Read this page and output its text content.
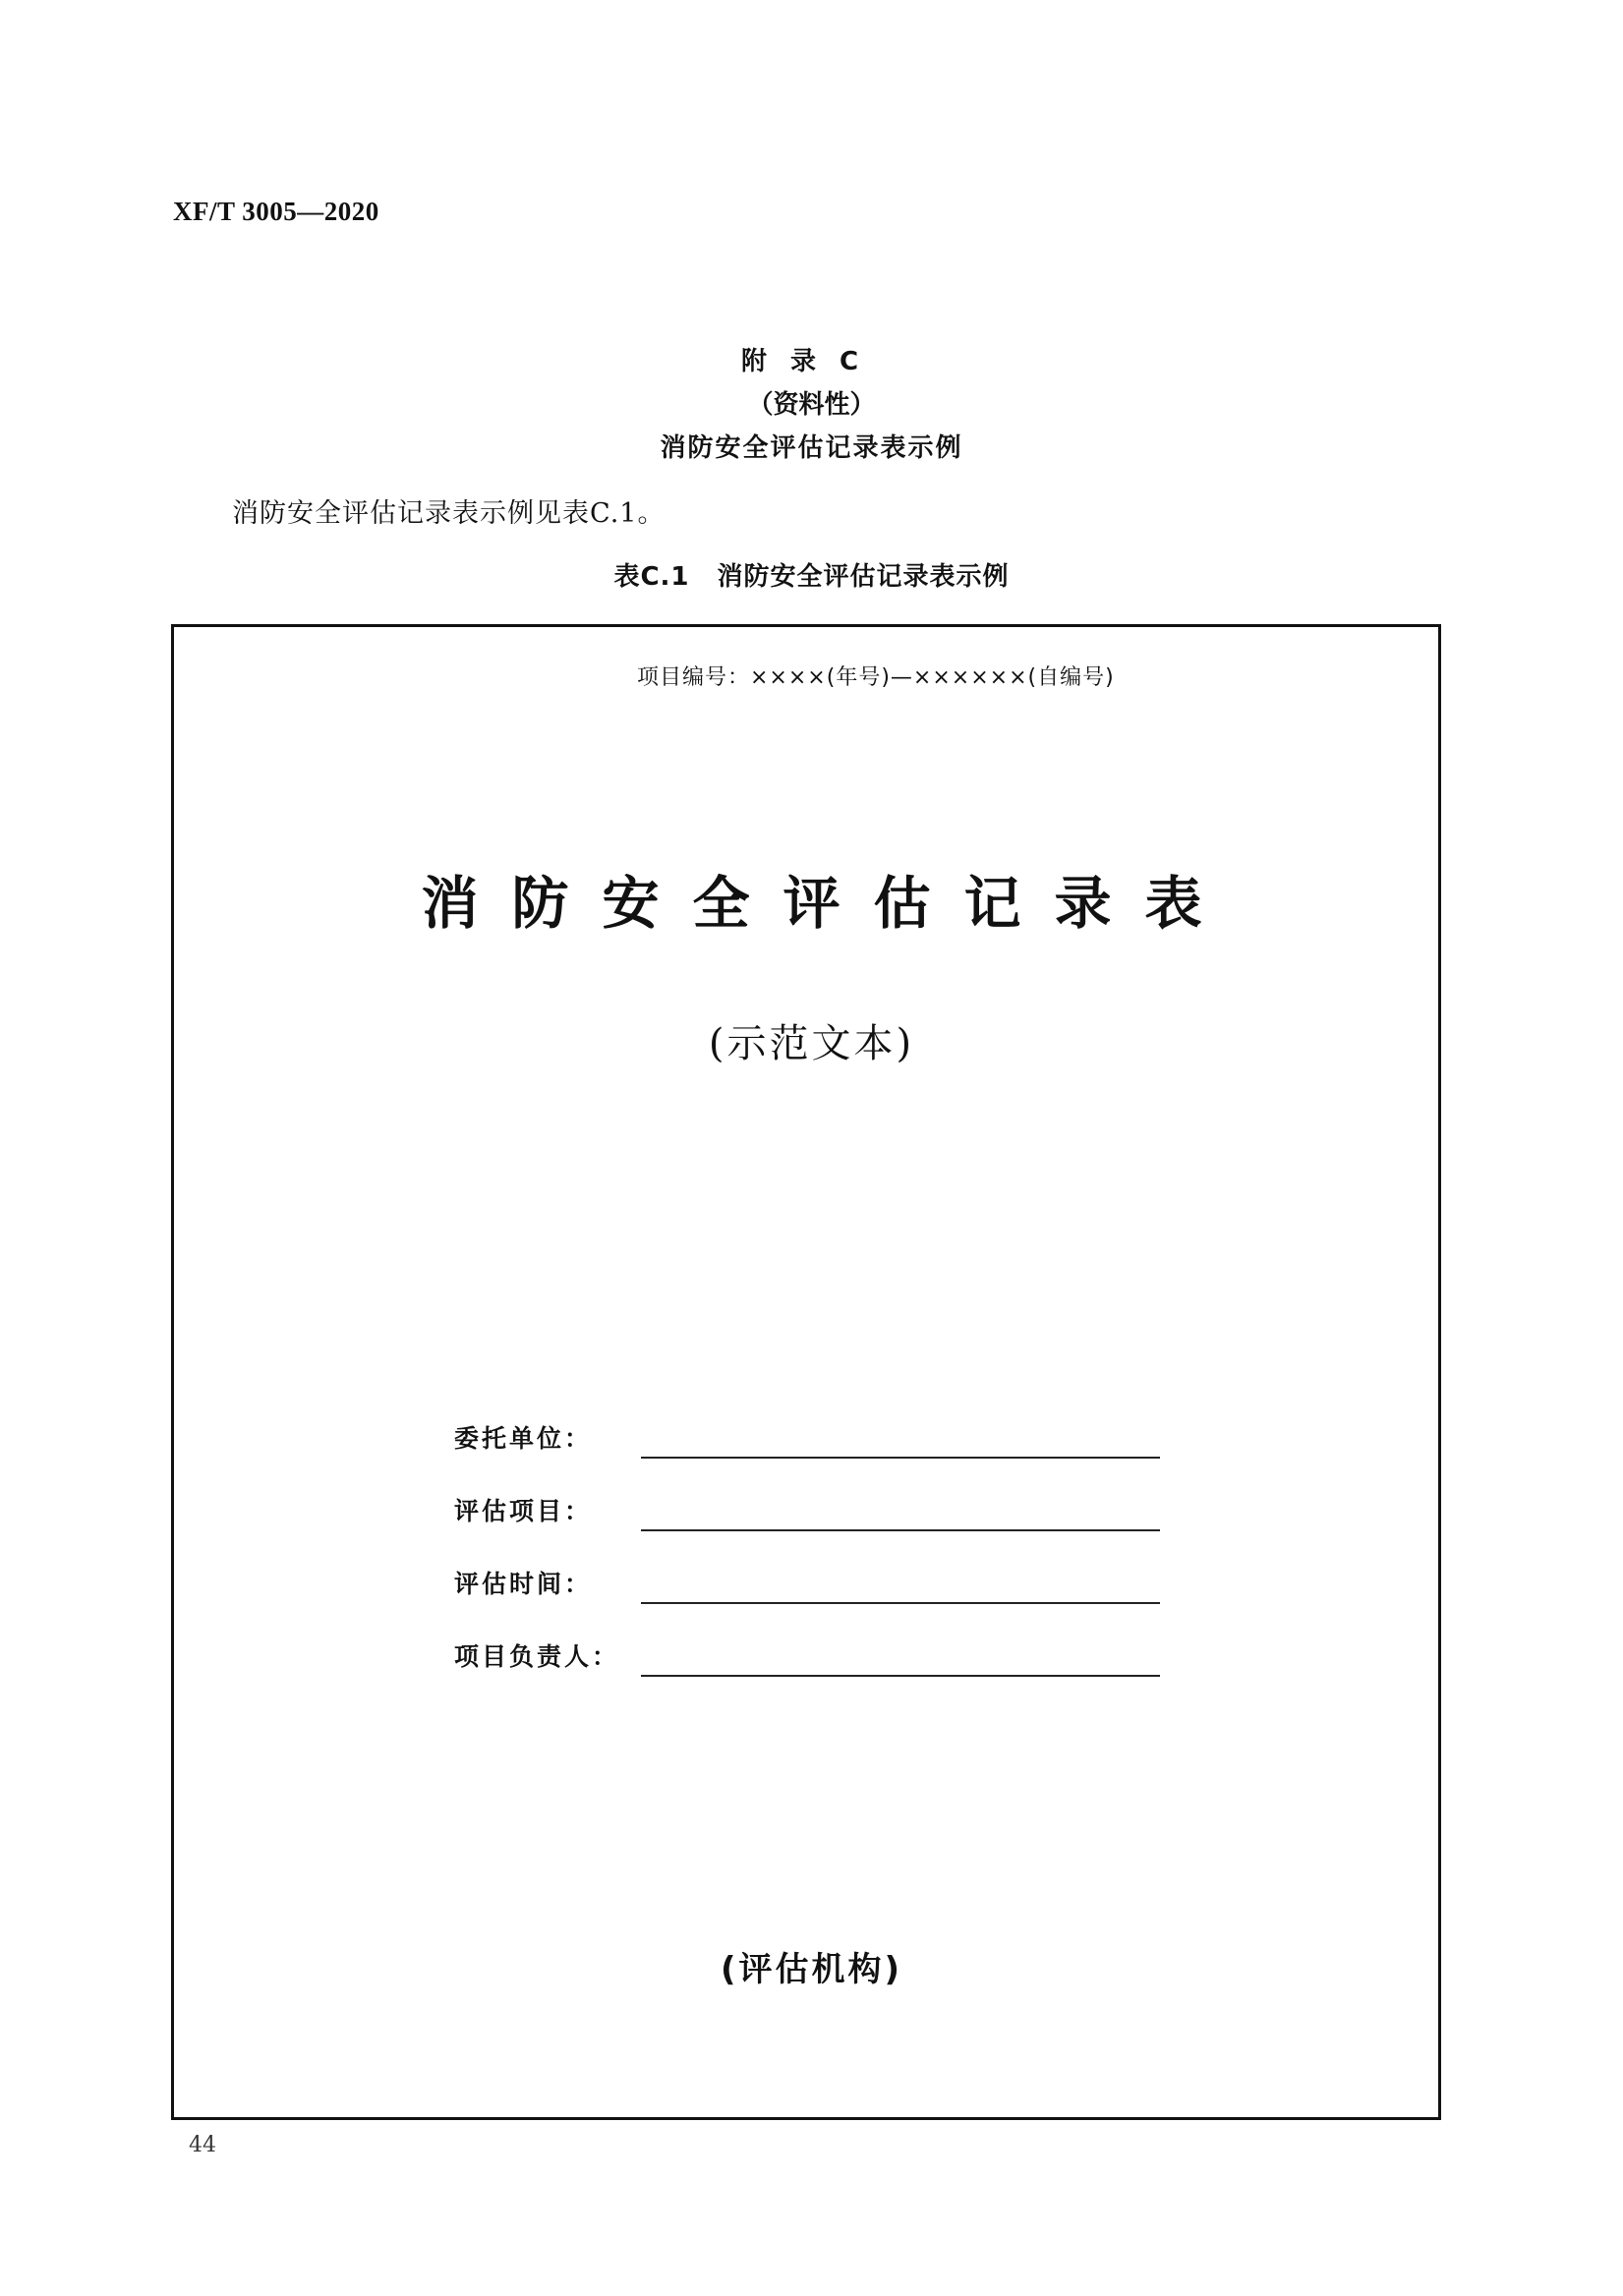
XF/T 3005—2020
附录C
（资料性）
消防安全评估记录表示例
消防安全评估记录表示例见表C.1。
表C.1 消防安全评估记录表示例
项目编号：××××(年号)—××××××(自编号)
消防安全评估记录表
(示范文本)
委托单位：
评估项目：
评估时间：
项目负责人：
(评估机构)
44
